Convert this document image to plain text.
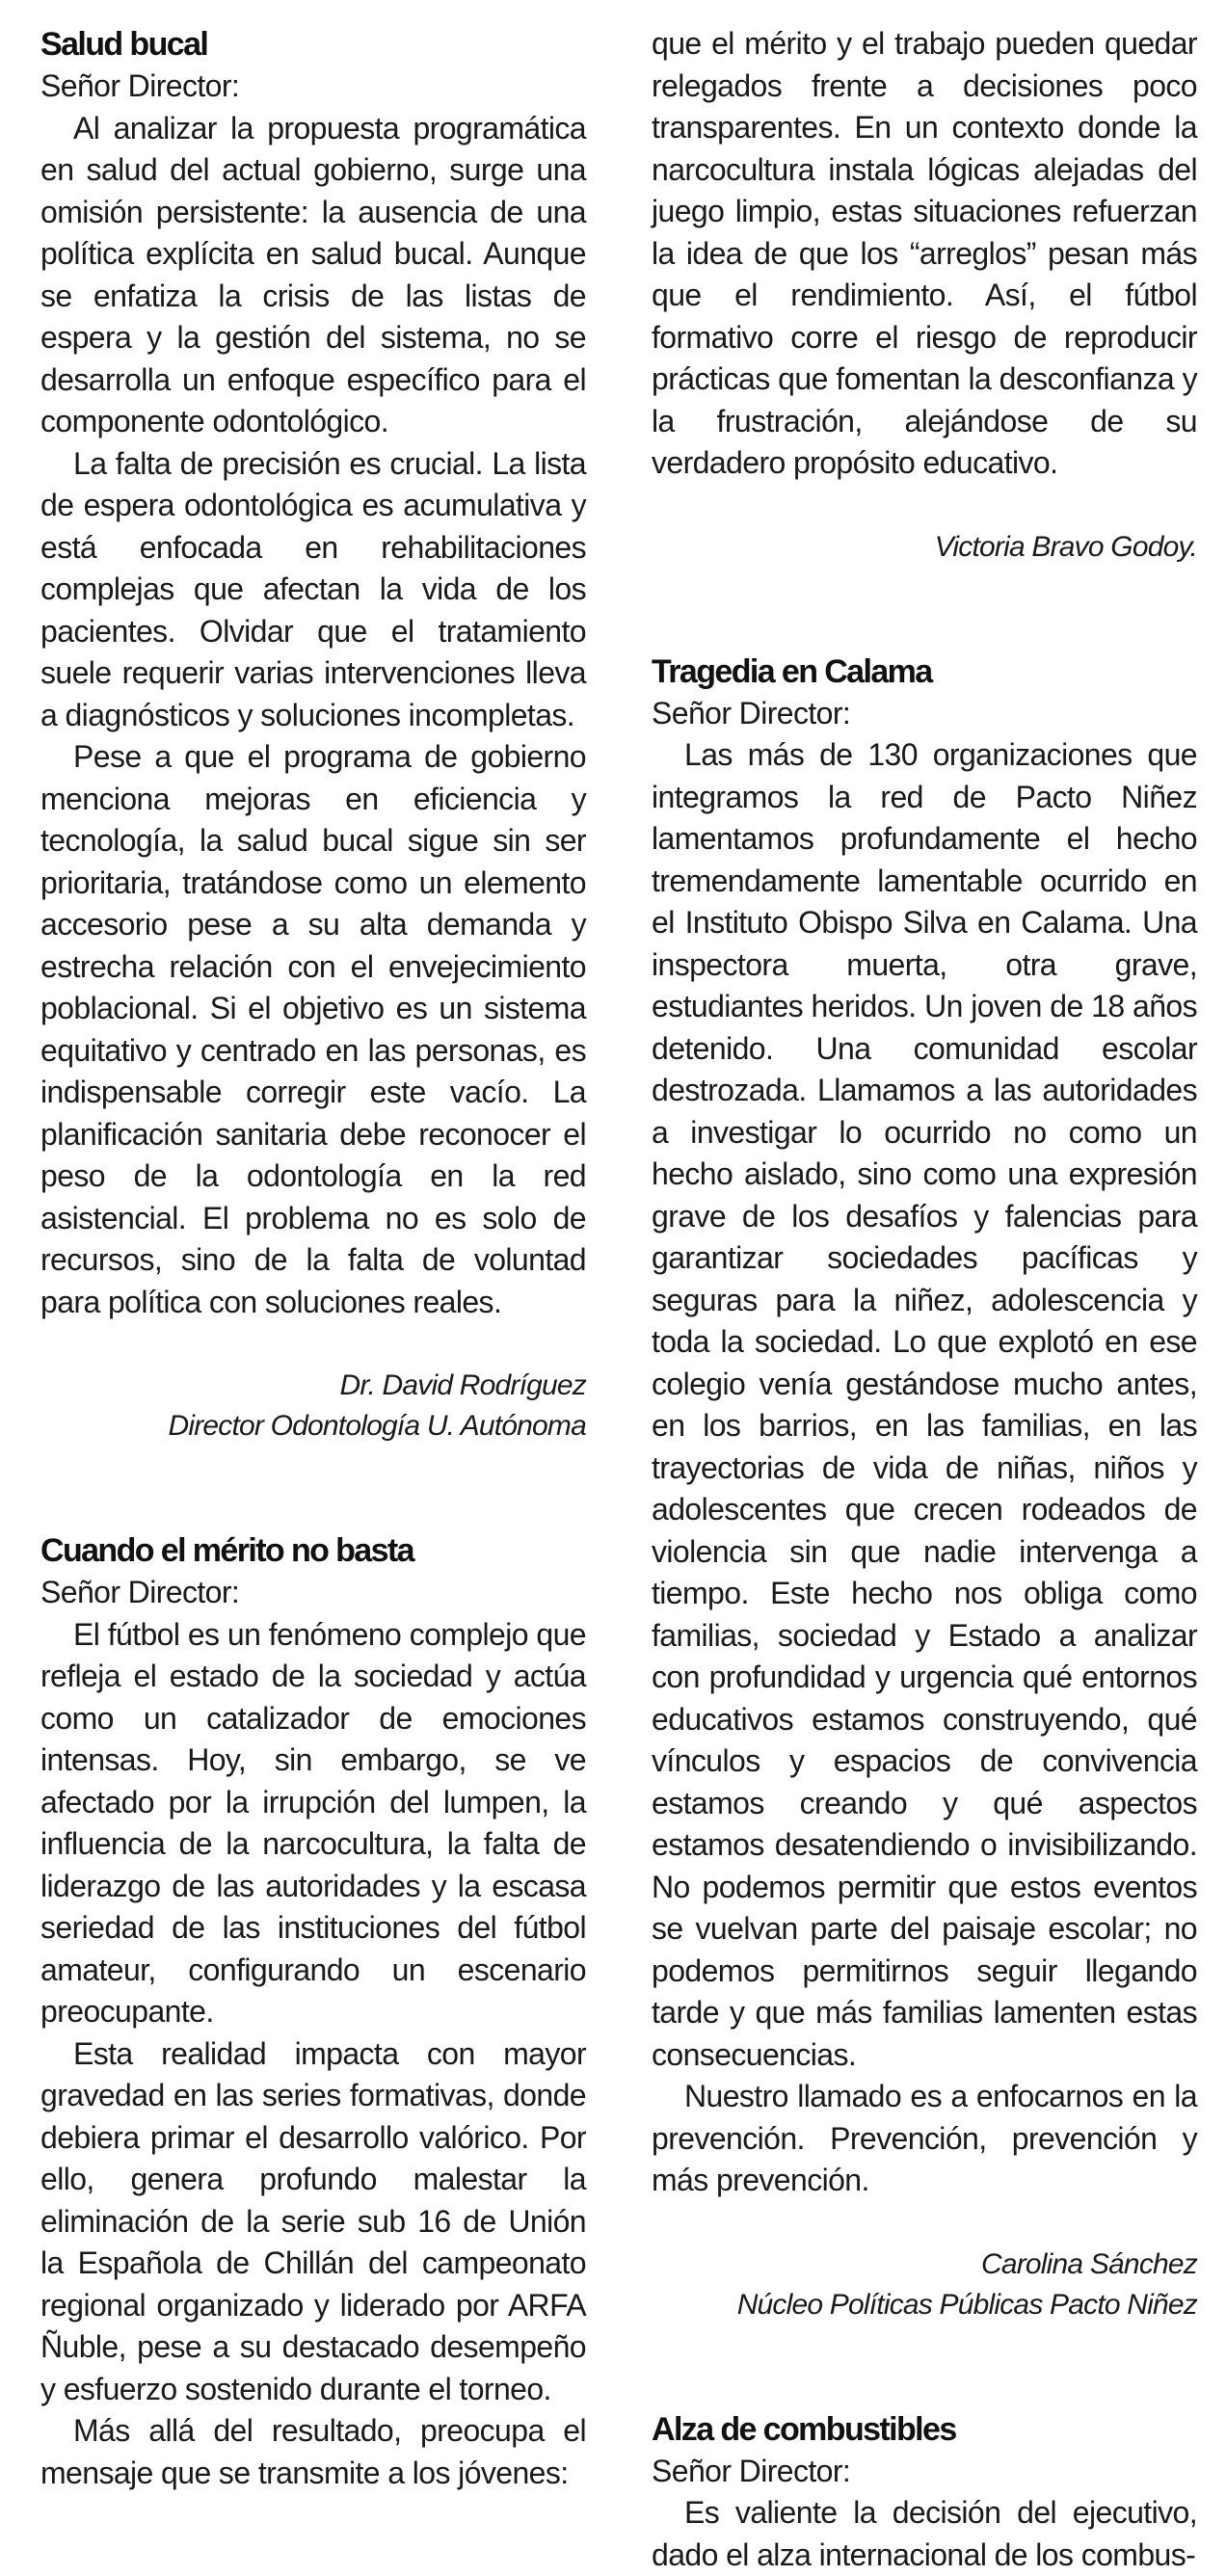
Salud bucal

Señor Director:

Al analizar la propuesta programática en salud del actual gobierno, surge una omisión persistente: la ausencia de una política explícita en salud bucal. Aunque se enfatiza la crisis de las listas de espera y la gestión del sistema, no se desarrolla un enfoque específico para el componente odontológico.

La falta de precisión es crucial. La lista de espera odontológica es acumulativa y está enfocada en rehabilitaciones complejas que afectan la vida de los pacientes. Olvidar que el tratamiento suele requerir varias intervenciones lleva a diagnósticos y soluciones incompletas.

Pese a que el programa de gobierno menciona mejoras en eficiencia y tecnología, la salud bucal sigue sin ser prioritaria, tratándose como un elemento accesorio pese a su alta demanda y estrecha relación con el envejecimiento poblacional. Si el objetivo es un sistema equitativo y centrado en las personas, es indispensable corregir este vacío. La planificación sanitaria debe reconocer el peso de la odontología en la red asistencial. El problema no es solo de recursos, sino de la falta de voluntad para política con soluciones reales.

Dr. David Rodríguez

Director Odontología U. Autónoma

Cuando el mérito no basta

Señor Director:

El fútbol es un fenómeno complejo que refleja el estado de la sociedad y actúa como un catalizador de emociones intensas. Hoy, sin embargo, se ve afectado por la irrupción del lumpen, la influencia de la narcocultura, la falta de liderazgo de las autoridades y la escasa seriedad de las instituciones del fútbol amateur, configurando un escenario preocupante.

Esta realidad impacta con mayor gravedad en las series formativas, donde debiera primar el desarrollo valórico. Por ello, genera profundo malestar la eliminación de la serie sub 16 de Unión la Española de Chillán del campeonato regional organizado y liderado por ARFA Ñuble, pese a su destacado desempeño y esfuerzo sostenido durante el torneo.

Más allá del resultado, preocupa el mensaje que se transmite a los jóvenes:

que el mérito y el trabajo pueden quedar relegados frente a decisiones poco transparentes. En un contexto donde la narcocultura instala lógicas alejadas del juego limpio, estas situaciones refuerzan la idea de que los “arreglos” pesan más que el rendimiento. Así, el fútbol formativo corre el riesgo de reproducir prácticas que fomentan la desconfianza y la frustración, alejándose de su verdadero propósito educativo.

Victoria Bravo Godoy.

Tragedia en Calama

Señor Director:

Las más de 130 organizaciones que integramos la red de Pacto Niñez lamentamos profundamente el hecho tremendamente lamentable ocurrido en el Instituto Obispo Silva en Calama. Una inspectora muerta, otra grave, estudiantes heridos. Un joven de 18 años detenido. Una comunidad escolar destrozada. Llamamos a las autoridades a investigar lo ocurrido no como un hecho aislado, sino como una expresión grave de los desafíos y falencias para garantizar sociedades pacíficas y seguras para la niñez, adolescencia y toda la sociedad. Lo que explotó en ese colegio venía gestándose mucho antes, en los barrios, en las familias, en las trayectorias de vida de niñas, niños y adolescentes que crecen rodeados de violencia sin que nadie intervenga a tiempo. Este hecho nos obliga como familias, sociedad y Estado a analizar con profundidad y urgencia qué entornos educativos estamos construyendo, qué vínculos y espacios de convivencia estamos creando y qué aspectos estamos desatendiendo o invisibilizando. No podemos permitir que estos eventos se vuelvan parte del paisaje escolar; no podemos permitirnos seguir llegando tarde y que más familias lamenten estas consecuencias.

Nuestro llamado es a enfocarnos en la prevención. Prevención, prevención y más prevención.

Carolina Sánchez

Núcleo Políticas Públicas Pacto Niñez

Alza de combustibles

Señor Director:

Es valiente la decisión del ejecutivo, dado el alza internacional de los combus-
